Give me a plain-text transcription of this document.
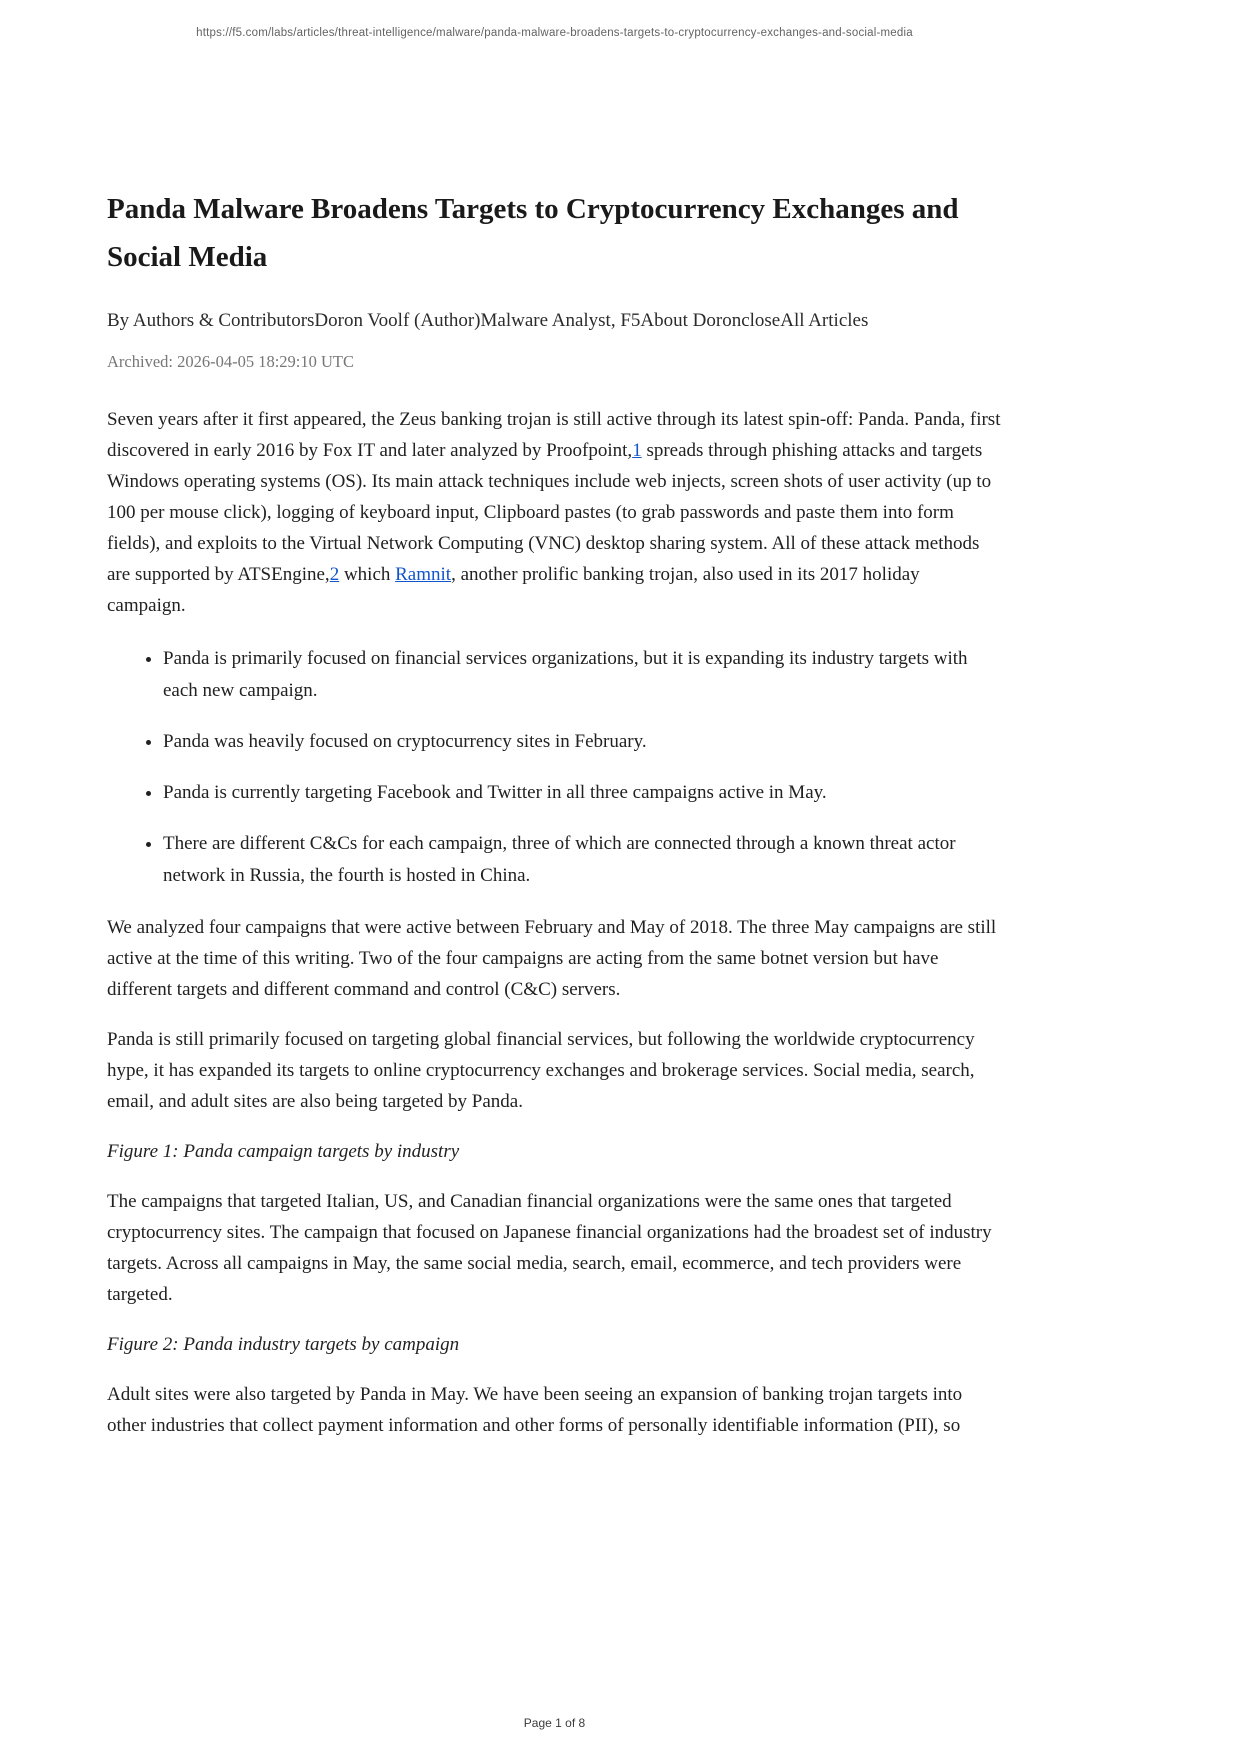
https://f5.com/labs/articles/threat-intelligence/malware/panda-malware-broadens-targets-to-cryptocurrency-exchanges-and-social-media
Panda Malware Broadens Targets to Cryptocurrency Exchanges and Social Media

By Authors & ContributorsDoron Voolf (Author)Malware Analyst, F5About DoroncloseAll Articles

Archived: 2026-04-05 18:29:10 UTC

Seven years after it first appeared, the Zeus banking trojan is still active through its latest spin-off: Panda. Panda, first discovered in early 2016 by Fox IT and later analyzed by Proofpoint,1 spreads through phishing attacks and targets Windows operating systems (OS). Its main attack techniques include web injects, screen shots of user activity (up to 100 per mouse click), logging of keyboard input, Clipboard pastes (to grab passwords and paste them into form fields), and exploits to the Virtual Network Computing (VNC) desktop sharing system. All of these attack methods are supported by ATSEngine,2 which Ramnit, another prolific banking trojan, also used in its 2017 holiday campaign.

• Panda is primarily focused on financial services organizations, but it is expanding its industry targets with each new campaign.
• Panda was heavily focused on cryptocurrency sites in February.
• Panda is currently targeting Facebook and Twitter in all three campaigns active in May.
• There are different C&Cs for each campaign, three of which are connected through a known threat actor network in Russia, the fourth is hosted in China.

We analyzed four campaigns that were active between February and May of 2018. The three May campaigns are still active at the time of this writing. Two of the four campaigns are acting from the same botnet version but have different targets and different command and control (C&C) servers.

Panda is still primarily focused on targeting global financial services, but following the worldwide cryptocurrency hype, it has expanded its targets to online cryptocurrency exchanges and brokerage services. Social media, search, email, and adult sites are also being targeted by Panda.

Figure 1: Panda campaign targets by industry

The campaigns that targeted Italian, US, and Canadian financial organizations were the same ones that targeted cryptocurrency sites. The campaign that focused on Japanese financial organizations had the broadest set of industry targets. Across all campaigns in May, the same social media, search, email, ecommerce, and tech providers were targeted.

Figure 2: Panda industry targets by campaign

Adult sites were also targeted by Panda in May. We have been seeing an expansion of banking trojan targets into other industries that collect payment information and other forms of personally identifiable information (PII), so

Page 1 of 8
